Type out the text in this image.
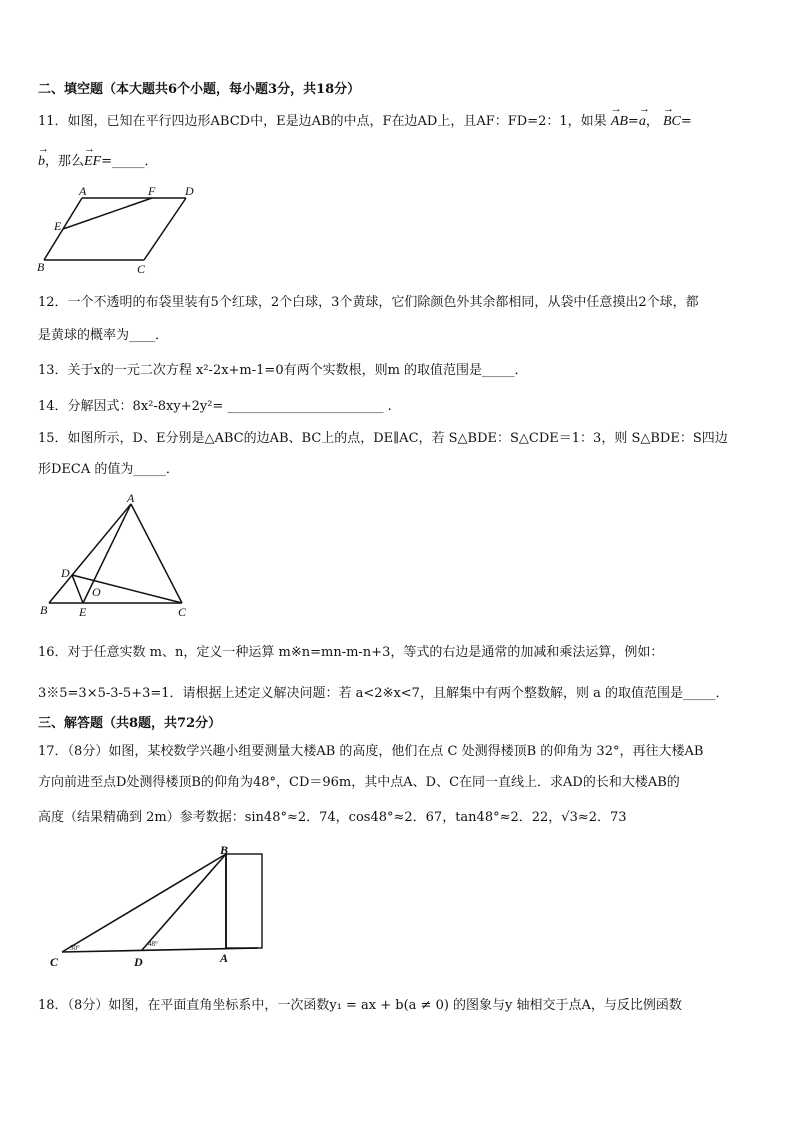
二、填空题（本大题共6个小题，每小题3分，共18分）
11．如图，已知在平行四边形ABCD中，E是边AB的中点，F在边AD上，且AF：FD=2：1，如果 → AB=→ a， → BC=
→ b，那么→ EF=_____．
A	F D
E
B	C
12．一个不透明的布袋里装有5个红球，2个白球，3个黄球，它们除颜色外其余都相同，从袋中任意摸出2个球，都
是黄球的概率为____．
13．关于x的一元二次方程 x²-2x+m-1=0有两个实数根，则m 的取值范围是_____．
14．分解因式：8x²-8xy+2y²= ________________________ .
15．如图所示，D、E分别是△ABC的边AB、BC上的点，DE∥AC，若 S△BDE：S△CDE＝1：3，则 S△BDE：S四边
形DECA 的值为_____．
A
D
O
B	E	C
16．对于任意实数 m、n，定义一种运算 m※n=mn-m-n+3，等式的右边是通常的加减和乘法运算，例如：
3※5=3×5-3-5+3=1．请根据上述定义解决问题：若 a<2※x<7，且解集中有两个整数解，则 a 的取值范围是_____．
三、解答题（共8题，共72分）
17．（8分）如图，某校数学兴趣小组要测量大楼AB 的高度，他们在点 C 处测得楼顶B 的仰角为 32°，再往大楼AB
方向前进至点D处测得楼顶B的仰角为48°，CD＝96m，其中点A、D、C在同一直线上．求AD的长和大楼AB的
高度（结果精确到 2m）参考数据：sin48°≈2．74，cos48°≈2．67，tan48°≈2．22，√3≈2．73
C	D	A
B
30°	48°
18．（8分）如图，在平面直角坐标系中，一次函数y₁ = ax + b(a ≠ 0) 的图象与y 轴相交于点A，与反比例函数
